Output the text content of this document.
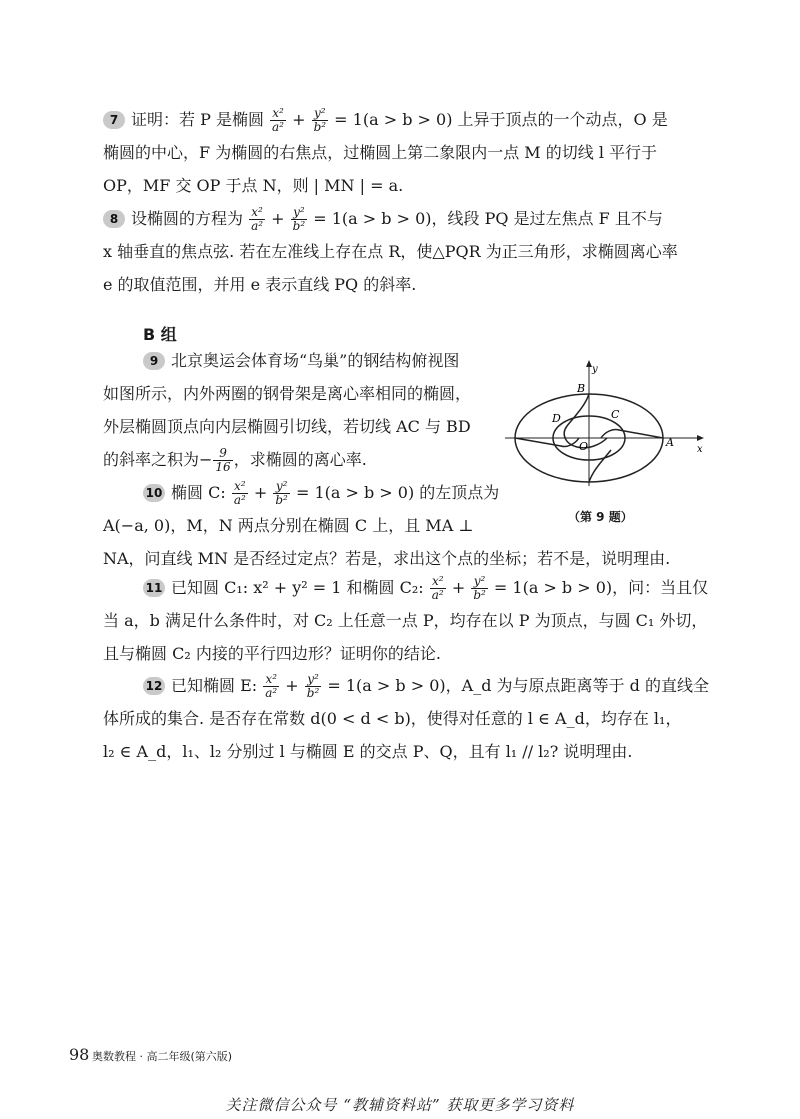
7 证明：若 P 是椭圆 $\frac{\text{x²}}{\text{a²}} + \frac{\text{y²}}{\text{b²}} = 1(a > b > 0)$ 上异于顶点的一个动点，O 是
椭圆的中心，F 为椭圆的右焦点，过椭圆上第二象限内一点 M 的切线 l 平行于
OP，MF 交 OP 于点 N，则 | MN | = a.
8 设椭圆的方程为 $\frac{\text{x²}}{\text{a²}} + \frac{\text{y²}}{\text{b²}} = 1(a > b > 0)$，线段 PQ 是过左焦点 F 且不与
x 轴垂直的焦点弦. 若在左准线上存在点 R，使△PQR 为正三角形，求椭圆离心率
e 的取值范围，并用 e 表示直线 PQ 的斜率.
B 组
9 北京奥运会体育场“鸟巢”的钢结构俯视图
如图所示，内外两圈的钢骨架是离心率相同的椭圆，
外层椭圆顶点向内层椭圆引切线，若切线 AC 与 BD
的斜率之积为− $\frac{9}{16}$ ，求椭圆的离心率.
y
x
B
D	C
O	A
（第 9 题）
10 椭圆 C: $\frac{\text{x²}}{\text{a²}} + \frac{\text{y²}}{\text{b²}} = 1(a > b > 0)$ 的左顶点为
A(−a, 0)，M，N 两点分别在椭圆 C 上，且 MA ⊥
NA，问直线 MN 是否经过定点？若是，求出这个点的坐标；若不是，说明理由.
11 已知圆 C₁: x² + y² = 1 和椭圆 C₂: $\frac{\text{x²}}{\text{a²}} + \frac{\text{y²}}{\text{b²}} = 1(a > b > 0)$，问：当且仅
当 a，b 满足什么条件时，对 C₂ 上任意一点 P，均存在以 P 为顶点，与圆 C₁ 外切，
且与椭圆 C₂ 内接的平行四边形？证明你的结论.
12 已知椭圆 E: $\frac{\text{x²}}{\text{a²}} + \frac{\text{y²}}{\text{b²}} = 1(a > b > 0)$，A_d 为与原点距离等于 d 的直线全
体所成的集合. 是否存在常数 d(0 < d < b)，使得对任意的 l ∈ A_d，均存在 l₁，
l₂ ∈ A_d，l₁、l₂ 分别过 l 与椭圆 E 的交点 P、Q，且有 l₁ // l₂? 说明理由.
98 奥数教程 · 高二年级(第六版)
关注微信公众号 “教辅资料站” 获取更多学习资料
